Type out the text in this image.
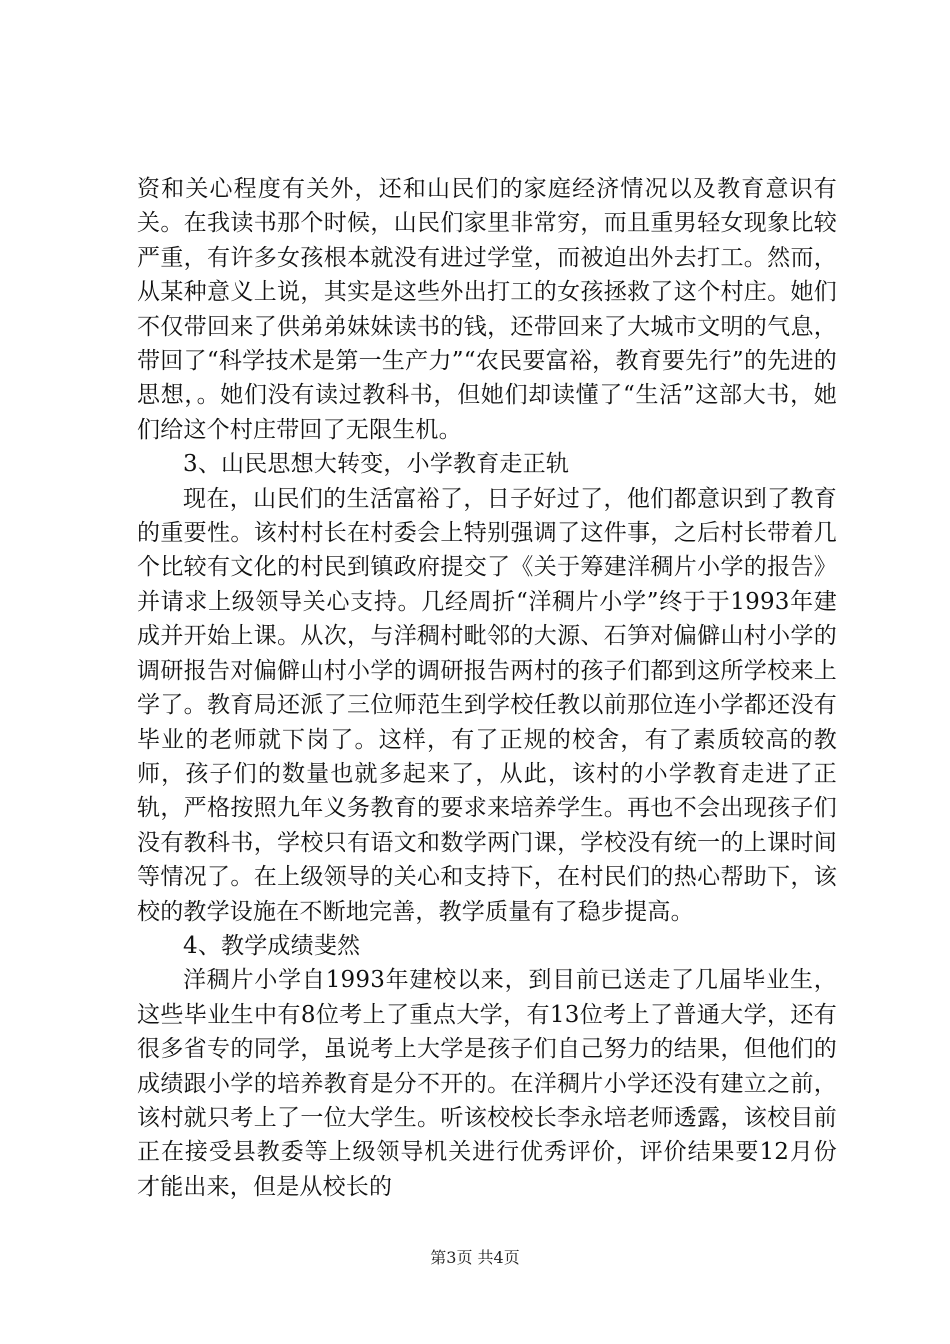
资和关心程度有关外，还和山民们的家庭经济情况以及教育意识有关。在我读书那个时候，山民们家里非常穷，而且重男轻女现象比较严重，有许多女孩根本就没有进过学堂，而被迫出外去打工。然而，从某种意义上说，其实是这些外出打工的女孩拯救了这个村庄。她们不仅带回来了供弟弟妹妹读书的钱，还带回来了大城市文明的气息，带回了“科学技术是第一生产力”“农民要富裕，教育要先行”的先进的思想，。她们没有读过教科书，但她们却读懂了“生活”这部大书，她们给这个村庄带回了无限生机。

3、山民思想大转变，小学教育走正轨

现在，山民们的生活富裕了，日子好过了，他们都意识到了教育的重要性。该村村长在村委会上特别强调了这件事，之后村长带着几个比较有文化的村民到镇政府提交了《关于筹建洋稠片小学的报告》并请求上级领导关心支持。几经周折“洋稠片小学”终于于1993年建成并开始上课。从次，与洋稠村毗邻的大源、石笋对偏僻山村小学的调研报告对偏僻山村小学的调研报告两村的孩子们都到这所学校来上学了。教育局还派了三位师范生到学校任教以前那位连小学都还没有毕业的老师就下岗了。这样，有了正规的校舍，有了素质较高的教师，孩子们的数量也就多起来了，从此，该村的小学教育走进了正轨，严格按照九年义务教育的要求来培养学生。再也不会出现孩子们没有教科书，学校只有语文和数学两门课，学校没有统一的上课时间等情况了。在上级领导的关心和支持下，在村民们的热心帮助下，该校的教学设施在不断地完善，教学质量有了稳步提高。

4、教学成绩斐然

洋稠片小学自1993年建校以来，到目前已送走了几届毕业生，这些毕业生中有8位考上了重点大学，有13位考上了普通大学，还有很多省专的同学，虽说考上大学是孩子们自己努力的结果，但他们的成绩跟小学的培养教育是分不开的。在洋稠片小学还没有建立之前，该村就只考上了一位大学生。听该校校长李永培老师透露，该校目前正在接受县教委等上级领导机关进行优秀评价，评价结果要12月份才能出来，但是从校长的

第3页 共4页
